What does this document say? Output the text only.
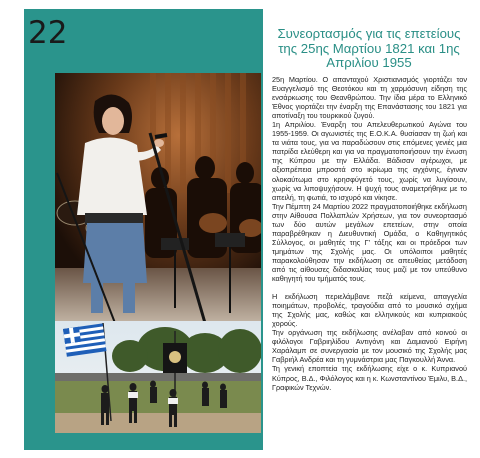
22	Συνεορτασμός για τις επετείους της 25ης Μαρτίου 1821 και 1ης Απριλίου 1955

25η Μαρτίου. Ο απανταχού Χριστιανισμός γιορτάζει τον Ευαγγελισμό της Θεοτόκου και τη χαρμόσυνη είδηση της ενσάρκωσης του Θεανθρώπου. Την ίδια μέρα το Ελληνικό Έθνος γιορτάζει την έναρξη της Επανάστασης του 1821 για αποτίναξη του τουρκικού ζυγού.

1η Απριλίου. Έναρξη του Απελευθερωτικού Αγώνα του 1955-1959. Οι αγωνιστές της Ε.Ο.Κ.Α. θυσίασαν τη ζωή και τα νιάτα τους, για να παραδώσουν στις επόμενες γενιές μια πατρίδα ελεύθερη και για να πραγματοποιήσουν την ένωση της Κύπρου με την Ελλάδα. Βάδισαν αγέρωχοι, με αξιοπρέπεια μπροστά στο ικρίωμα της αγχόνης, έγιναν ολοκαύτωμα στο κρησφύγετό τους, χωρίς να λυγίσουν, χωρίς να λιποψυχήσουν. Η ψυχή τους αναμετρήθηκε με το απειλή, τη φωτιά, το ισχυρό και νίκησε.

Την Πέμπτη 24 Μαρτίου 2022 πραγματοποιήθηκε εκδήλωση στην Αίθουσα Πολλαπλών Χρήσεων, για τον συνεορτασμό των δύο αυτών μεγάλων επετείων, στην οποία παραβρέθηκαν η Διευθυντική Ομάδα, ο Καθηγητικός Σύλλογος, οι μαθητές της Γ' τάξης και οι πρόεδροι των τμημάτων της Σχολής μας. Οι υπόλοιποι μαθητές παρακολούθησαν την εκδήλωση σε απευθείας μετάδοση από τις αίθουσες διδασκαλίας τους μαζί με τον υπεύθυνο καθηγητή του τμήματός τους.

Η εκδήλωση περιελάμβανε πεζά κείμενα, απαγγελία ποιημάτων, προβολές, τραγούδια από το μουσικό σχήμα της Σχολής μας, καθώς και ελληνικούς και κυπριακούς χορούς.

Την οργάνωση της εκδήλωσης ανέλαβαν από κοινού οι φιλόλογοι Γαβριηλίδου Αντιγόνη και Δαμιανού Ειρήνη Χαράλαμπ σε συνεργασία με τον μουσικό της Σχολής μας Γαβριήλ Ανδρέα και τη γυμνάστρια μας Παγκουλλή Άννα.

Τη γενική εποπτεία της εκδήλωσης είχε ο κ. Κυπριανού Κύπρος, Β.Δ., Φιλόλογος και η κ. Κωνσταντίνου Έμιλυ, Β.Δ., Γραφικών Τεχνών.
